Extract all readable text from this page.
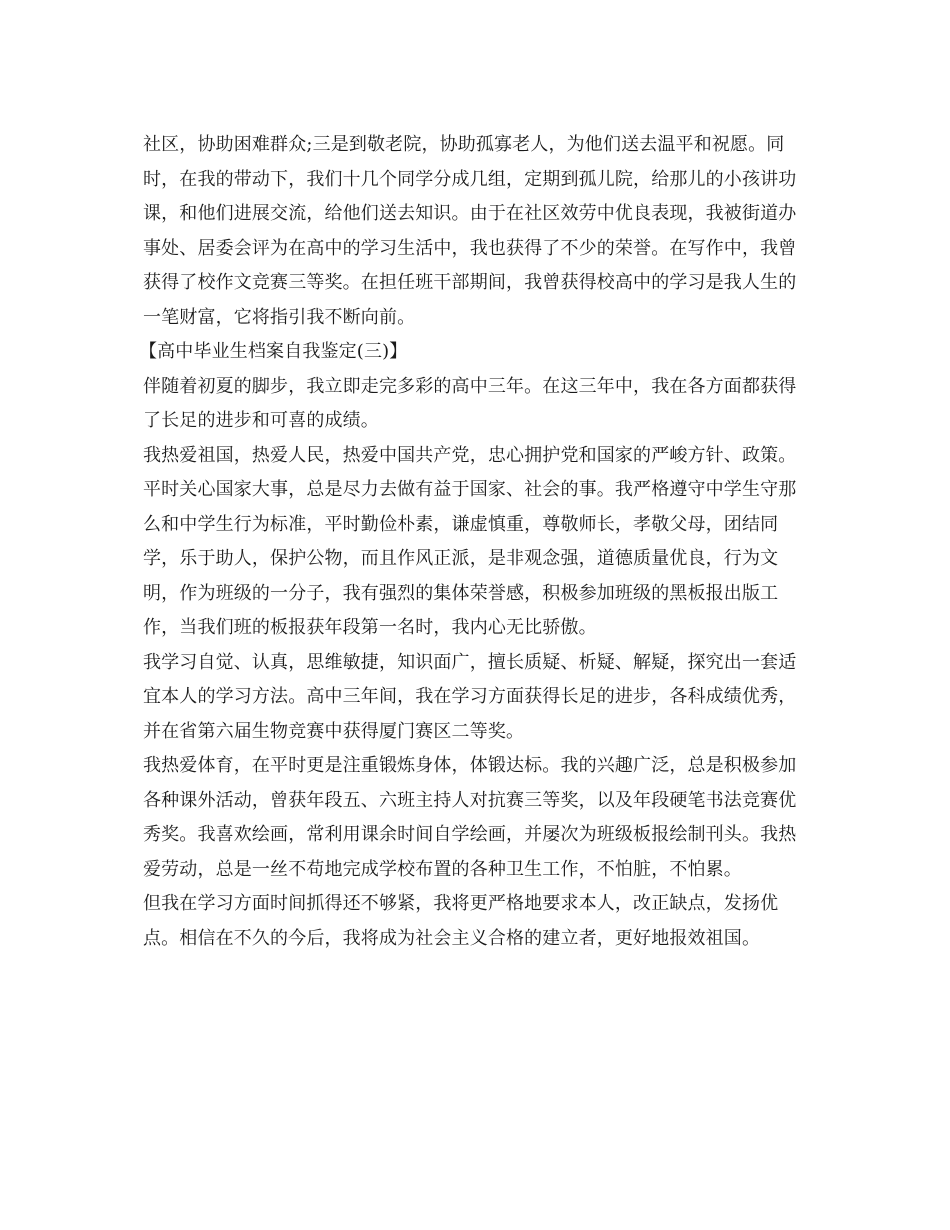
社区，协助困难群众;三是到敬老院，协助孤寡老人，为他们送去温平和祝愿。同时，在我的带动下，我们十几个同学分成几组，定期到孤儿院，给那儿的小孩讲功课，和他们进展交流，给他们送去知识。由于在社区效劳中优良表现，我被街道办事处、居委会评为在高中的学习生活中，我也获得了不少的荣誉。在写作中，我曾获得了校作文竞赛三等奖。在担任班干部期间，我曾获得校高中的学习是我人生的一笔财富，它将指引我不断向前。

【高中毕业生档案自我鉴定(三)】

伴随着初夏的脚步，我立即走完多彩的高中三年。在这三年中，我在各方面都获得了长足的进步和可喜的成绩。

我热爱祖国，热爱人民，热爱中国共产党，忠心拥护党和国家的严峻方针、政策。平时关心国家大事，总是尽力去做有益于国家、社会的事。我严格遵守中学生守那么和中学生行为标准，平时勤俭朴素，谦虚慎重，尊敬师长，孝敬父母，团结同学，乐于助人，保护公物，而且作风正派，是非观念强，道德质量优良，行为文明，作为班级的一分子，我有强烈的集体荣誉感，积极参加班级的黑板报出版工作，当我们班的板报获年段第一名时，我内心无比骄傲。

我学习自觉、认真，思维敏捷，知识面广，擅长质疑、析疑、解疑，探究出一套适宜本人的学习方法。高中三年间，我在学习方面获得长足的进步，各科成绩优秀，并在省第六届生物竞赛中获得厦门赛区二等奖。

我热爱体育，在平时更是注重锻炼身体，体锻达标。我的兴趣广泛，总是积极参加各种课外活动，曾获年段五、六班主持人对抗赛三等奖，以及年段硬笔书法竞赛优秀奖。我喜欢绘画，常利用课余时间自学绘画，并屡次为班级板报绘制刊头。我热爱劳动，总是一丝不苟地完成学校布置的各种卫生工作，不怕脏，不怕累。

但我在学习方面时间抓得还不够紧，我将更严格地要求本人，改正缺点，发扬优点。相信在不久的今后，我将成为社会主义合格的建立者，更好地报效祖国。
